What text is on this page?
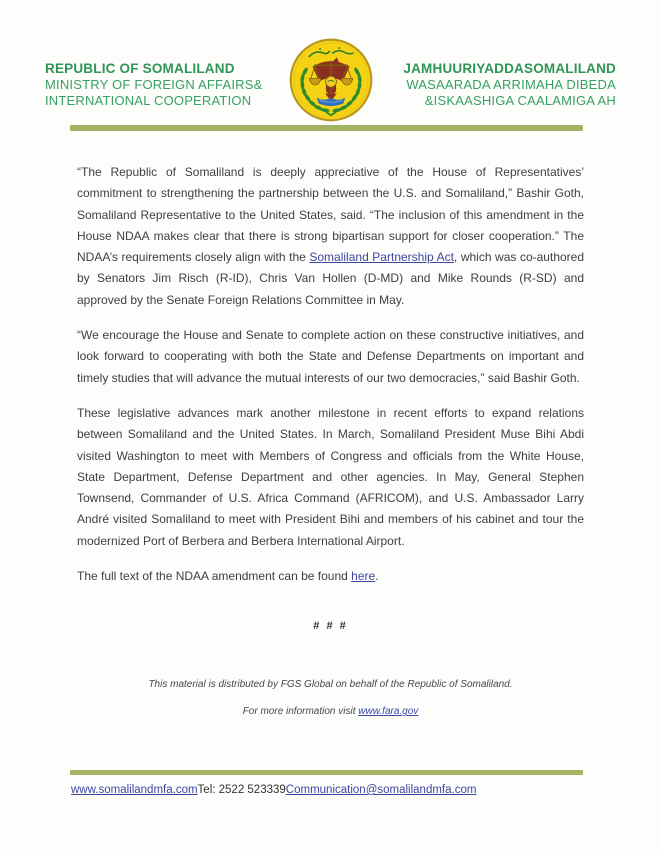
REPUBLIC OF SOMALILAND
MINISTRY OF FOREIGN AFFAIRS&
INTERNATIONAL COOPERATION
JAMHUURIYADDASOMALILAND
WASAARADA ARRIMAHA DIBEDA
&ISKAASHIGA CAALAMIGA AH

“The Republic of Somaliland is deeply appreciative of the House of Representatives’ commitment to strengthening the partnership between the U.S. and Somaliland,” Bashir Goth, Somaliland Representative to the United States, said. “The inclusion of this amendment in the House NDAA makes clear that there is strong bipartisan support for closer cooperation.” The NDAA’s requirements closely align with the Somaliland Partnership Act, which was co-authored by Senators Jim Risch (R-ID), Chris Van Hollen (D-MD) and Mike Rounds (R-SD) and approved by the Senate Foreign Relations Committee in May.

“We encourage the House and Senate to complete action on these constructive initiatives, and look forward to cooperating with both the State and Defense Departments on important and timely studies that will advance the mutual interests of our two democracies,” said Bashir Goth.

These legislative advances mark another milestone in recent efforts to expand relations between Somaliland and the United States. In March, Somaliland President Muse Bihi Abdi visited Washington to meet with Members of Congress and officials from the White House, State Department, Defense Department and other agencies. In May, General Stephen Townsend, Commander of U.S. Africa Command (AFRICOM), and U.S. Ambassador Larry André visited Somaliland to meet with President Bihi and members of his cabinet and tour the modernized Port of Berbera and Berbera International Airport.

The full text of the NDAA amendment can be found here.

# # #
This material is distributed by FGS Global on behalf of the Republic of Somaliland.
For more information visit www.fara.gov
www.somalilandmfa.comTel: 2522 523339Communication@somalilandmfa.com
